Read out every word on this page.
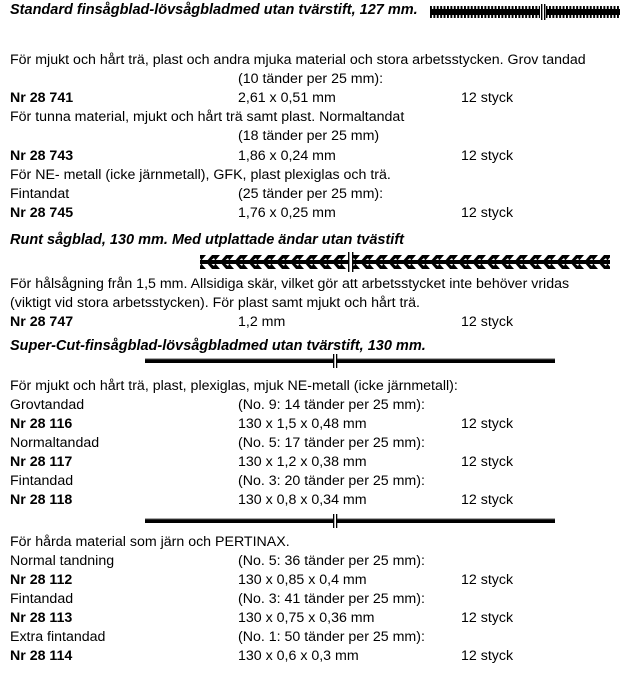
Standard finsågblad-lövsågbladmed utan tvärstift, 127 mm.
För mjukt och hårt trä, plast och andra mjuka material och stora arbetsstycken. Grov tandad
(10 tänder per 25 mm):
Nr 28 741	2,61 x 0,51 mm	12 styck
För tunna material, mjukt och hårt trä samt plast. Normaltandat
(18 tänder per 25 mm)
Nr 28 743	1,86 x 0,24 mm	12 styck
För NE- metall (icke järnmetall), GFK, plast plexiglas och trä.
Fintandat	(25 tänder per 25 mm):
Nr 28 745	1,76 x 0,25 mm	12 styck
Runt sågblad, 130 mm. Med utplattade ändar utan tvästift
För hålsågning från 1,5 mm. Allsidiga skär, vilket gör att arbetsstycket inte behöver vridas
(viktigt vid stora arbetsstycken). För plast samt mjukt och hårt trä.
Nr 28 747	1,2 mm	12 styck
Super-Cut-finsågblad-lövsågbladmed utan tvärstift, 130 mm.
För mjukt och hårt trä, plast, plexiglas, mjuk NE-metall (icke järnmetall):
Grovtandad	(No. 9: 14 tänder per 25 mm):
Nr 28 116	130 x 1,5 x 0,48 mm	12 styck
Normaltandad	(No. 5: 17 tänder per 25 mm):
Nr 28 117	130 x 1,2 x 0,38 mm	12 styck
Fintandad	(No. 3: 20 tänder per 25 mm):
Nr 28 118	130 x 0,8 x 0,34 mm	12 styck
För hårda material som järn och PERTINAX.
Normal tandning	(No. 5: 36 tänder per 25 mm):
Nr 28 112	130 x 0,85 x 0,4 mm	12 styck
Fintandad	(No. 3: 41 tänder per 25 mm):
Nr 28 113	130 x 0,75 x 0,36 mm	12 styck
Extra fintandad	(No. 1: 50 tänder per 25 mm):
Nr 28 114	130 x 0,6 x 0,3 mm	12 styck
